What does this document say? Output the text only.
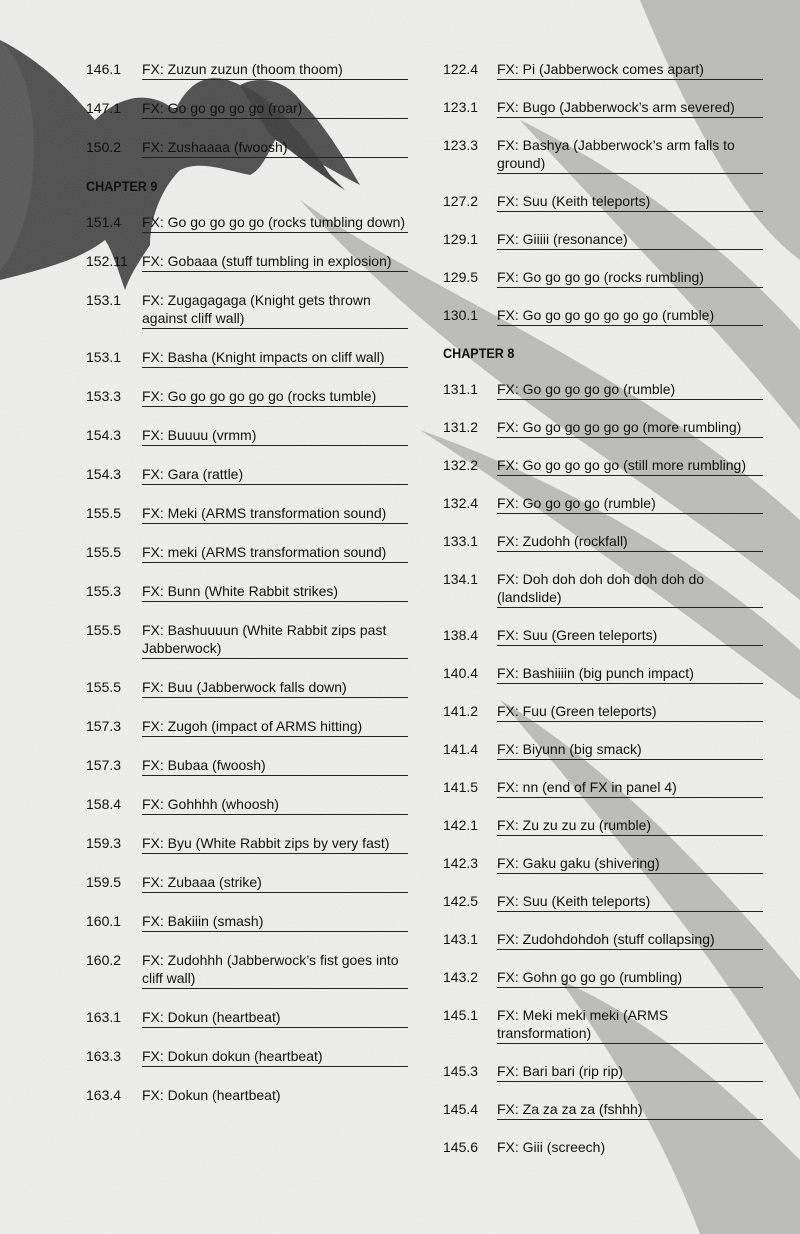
146.1	FX: Zuzun zuzun (thoom thoom)
147.1	FX: Go go go go go (roar)
150.2	FX: Zushaaaa (fwoosh)
CHAPTER 9
151.4	FX: Go go go go go (rocks tumbling down)
152.11	FX: Gobaaa (stuff tumbling in explosion)
153.1	FX: Zugagagaga (Knight gets thrown against cliff wall)
153.1	FX: Basha (Knight impacts on cliff wall)
153.3	FX: Go go go go go go (rocks tumble)
154.3	FX: Buuuu (vrmm)
154.3	FX: Gara (rattle)
155.5	FX: Meki (ARMS transformation sound)
155.5	FX: meki (ARMS transformation sound)
155.3	FX: Bunn (White Rabbit strikes)
155.5	FX: Bashuuuun (White Rabbit zips past Jabberwock)
155.5	FX: Buu (Jabberwock falls down)
157.3	FX: Zugoh (impact of ARMS hitting)
157.3	FX: Bubaa (fwoosh)
158.4	FX: Gohhhh (whoosh)
159.3	FX: Byu (White Rabbit zips by very fast)
159.5	FX: Zubaaa (strike)
160.1	FX: Bakiiin (smash)
160.2	FX: Zudohhh (Jabberwock’s fist goes into cliff wall)
163.1	FX: Dokun (heartbeat)
163.3	FX: Dokun dokun (heartbeat)
163.4	FX: Dokun (heartbeat)
122.4	FX: Pi (Jabberwock comes apart)
123.1	FX: Bugo (Jabberwock’s arm severed)
123.3	FX: Bashya (Jabberwock’s arm falls to ground)
127.2	FX: Suu (Keith teleports)
129.1	FX: Giiiii (resonance)
129.5	FX: Go go go go (rocks rumbling)
130.1	FX: Go go go go go go go (rumble)
CHAPTER 8
131.1	FX: Go go go go go (rumble)
131.2	FX: Go go go go go go (more rumbling)
132.2	FX: Go go go go go (still more rumbling)
132.4	FX: Go go go go (rumble)
133.1	FX: Zudohh (rockfall)
134.1	FX: Doh doh doh doh doh doh do (landslide)
138.4	FX: Suu (Green teleports)
140.4	FX: Bashiiiin (big punch impact)
141.2	FX: Fuu (Green teleports)
141.4	FX: Biyunn (big smack)
141.5	FX: nn (end of FX in panel 4)
142.1	FX: Zu zu zu zu (rumble)
142.3	FX: Gaku gaku (shivering)
142.5	FX: Suu (Keith teleports)
143.1	FX: Zudohdohdoh (stuff collapsing)
143.2	FX: Gohn go go go (rumbling)
145.1	FX: Meki meki meki (ARMS transformation)
145.3	FX: Bari bari (rip rip)
145.4	FX: Za za za za (fshhh)
145.6	FX: Giii (screech)
